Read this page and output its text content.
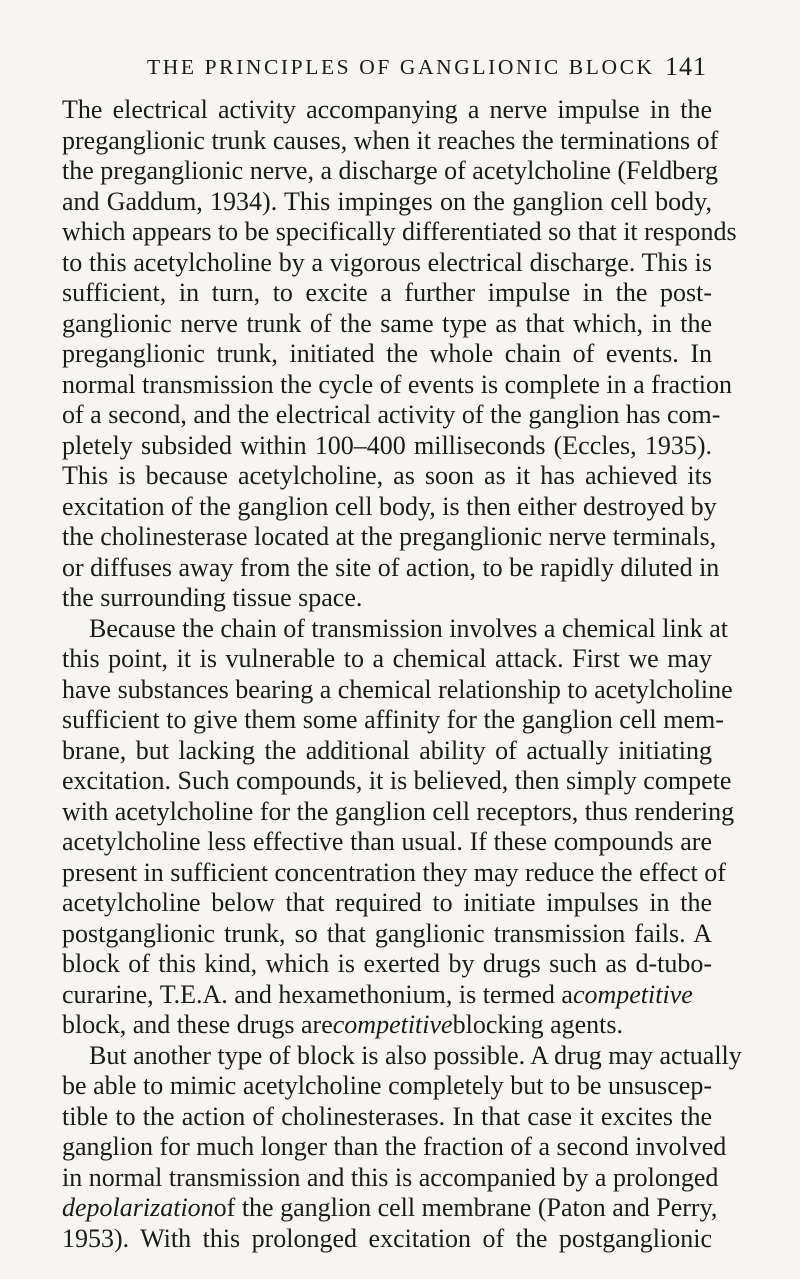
THE PRINCIPLES OF GANGLIONIC BLOCK 141
The electrical activity accompanying a nerve impulse in the
preganglionic trunk causes, when it reaches the terminations of
the preganglionic nerve, a discharge of acetylcholine (Feldberg
and Gaddum, 1934). This impinges on the ganglion cell body,
which appears to be specifically differentiated so that it responds
to this acetylcholine by a vigorous electrical discharge. This is
sufficient, in turn, to excite a further impulse in the post-
ganglionic nerve trunk of the same type as that which, in the
preganglionic trunk, initiated the whole chain of events. In
normal transmission the cycle of events is complete in a fraction
of a second, and the electrical activity of the ganglion has com-
pletely subsided within 100–400 milliseconds (Eccles, 1935).
This is because acetylcholine, as soon as it has achieved its
excitation of the ganglion cell body, is then either destroyed by
the cholinesterase located at the preganglionic nerve terminals,
or diffuses away from the site of action, to be rapidly diluted in
the surrounding tissue space.
Because the chain of transmission involves a chemical link at
this point, it is vulnerable to a chemical attack. First we may
have substances bearing a chemical relationship to acetylcholine
sufficient to give them some affinity for the ganglion cell mem-
brane, but lacking the additional ability of actually initiating
excitation. Such compounds, it is believed, then simply compete
with acetylcholine for the ganglion cell receptors, thus rendering
acetylcholine less effective than usual. If these compounds are
present in sufficient concentration they may reduce the effect of
acetylcholine below that required to initiate impulses in the
postganglionic trunk, so that ganglionic transmission fails. A
block of this kind, which is exerted by drugs such as d-tubo-
curarine, T.E.A. and hexamethonium, is termed acompetitive
block, and these drugs arecompetitiveblocking agents.
But another type of block is also possible. A drug may actually
be able to mimic acetylcholine completely but to be unsuscep-
tible to the action of cholinesterases. In that case it excites the
ganglion for much longer than the fraction of a second involved
in normal transmission and this is accompanied by a prolonged
depolarizationof the ganglion cell membrane (Paton and Perry,
1953). With this prolonged excitation of the postganglionic
